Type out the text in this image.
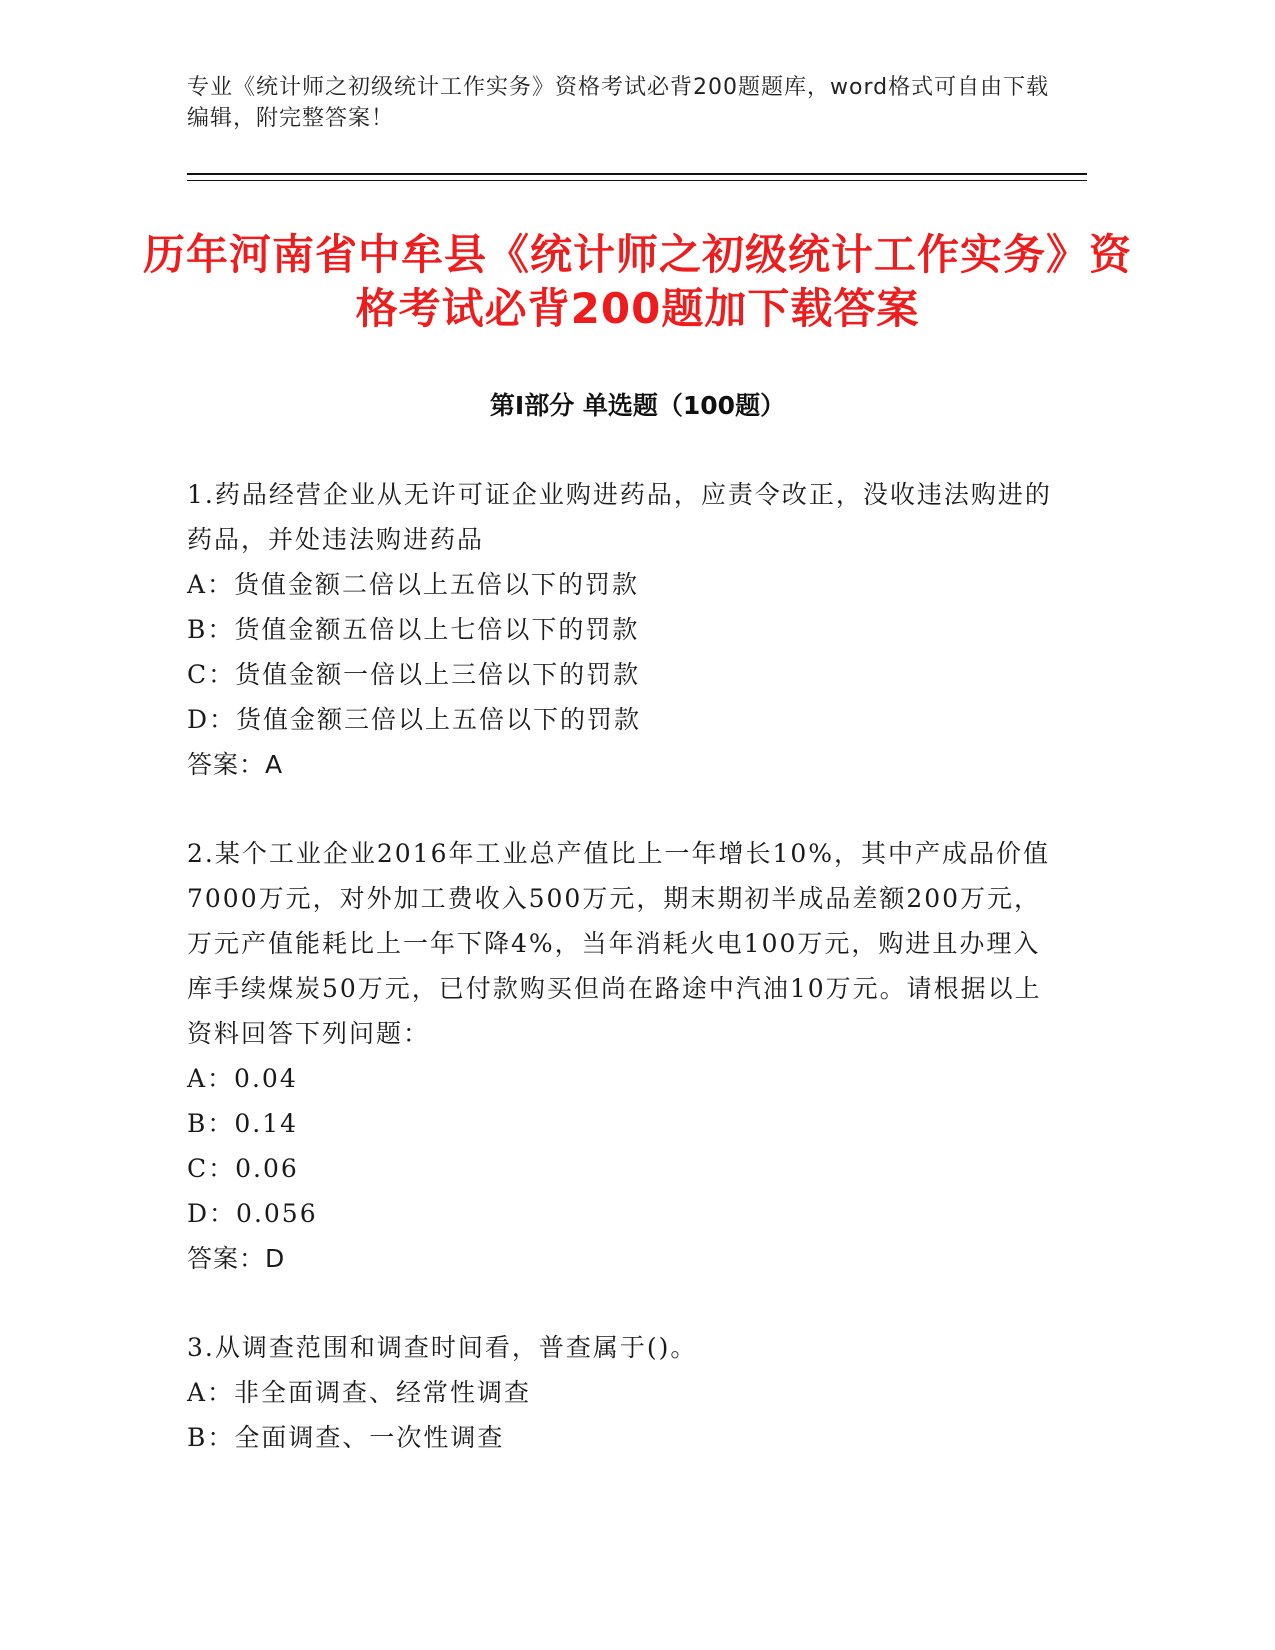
专业《统计师之初级统计工作实务》资格考试必背200题题库，word格式可自由下载编辑，附完整答案！
历年河南省中牟县《统计师之初级统计工作实务》资格考试必背200题加下载答案
第Ⅰ部分 单选题（100题）
1.药品经营企业从无许可证企业购进药品，应责令改正，没收违法购进的药品，并处违法购进药品
A：货值金额二倍以上五倍以下的罚款
B：货值金额五倍以上七倍以下的罚款
C：货值金额一倍以上三倍以下的罚款
D：货值金额三倍以上五倍以下的罚款
答案：A
2.某个工业企业2016年工业总产值比上一年增长10%，其中产成品价值7000万元，对外加工费收入500万元，期末期初半成品差额200万元，万元产值能耗比上一年下降4%，当年消耗火电100万元，购进且办理入库手续煤炭50万元，已付款购买但尚在路途中汽油10万元。请根据以上资料回答下列问题：
A：0.04
B：0.14
C：0.06
D：0.056
答案：D
3.从调查范围和调查时间看，普查属于()。
A：非全面调查、经常性调查
B：全面调查、一次性调查
